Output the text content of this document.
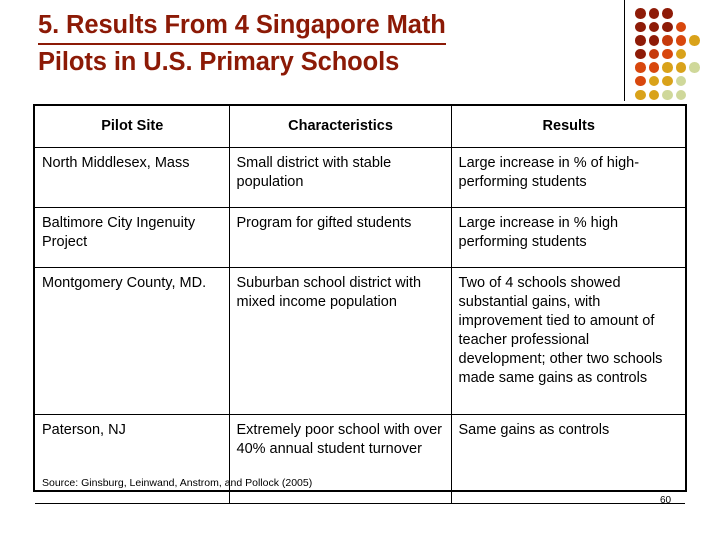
5. Results From 4 Singapore Math
Pilots in U.S. Primary Schools
Pilot Site	Characteristics	Results
North Middlesex, Mass	Small district with stable population	Large increase in % of high-performing students
Baltimore City Ingenuity Project	Program for gifted students	Large increase in % high performing students
Montgomery County, MD.	Suburban school district with mixed income population	Two of 4 schools showed substantial gains, with improvement tied to amount of teacher professional development; other two schools made same gains as controls
Paterson, NJ	Extremely poor school with over 40% annual student turnover	Same gains as controls
Source: Ginsburg, Leinwand, Anstrom, and Pollock (2005)
60
